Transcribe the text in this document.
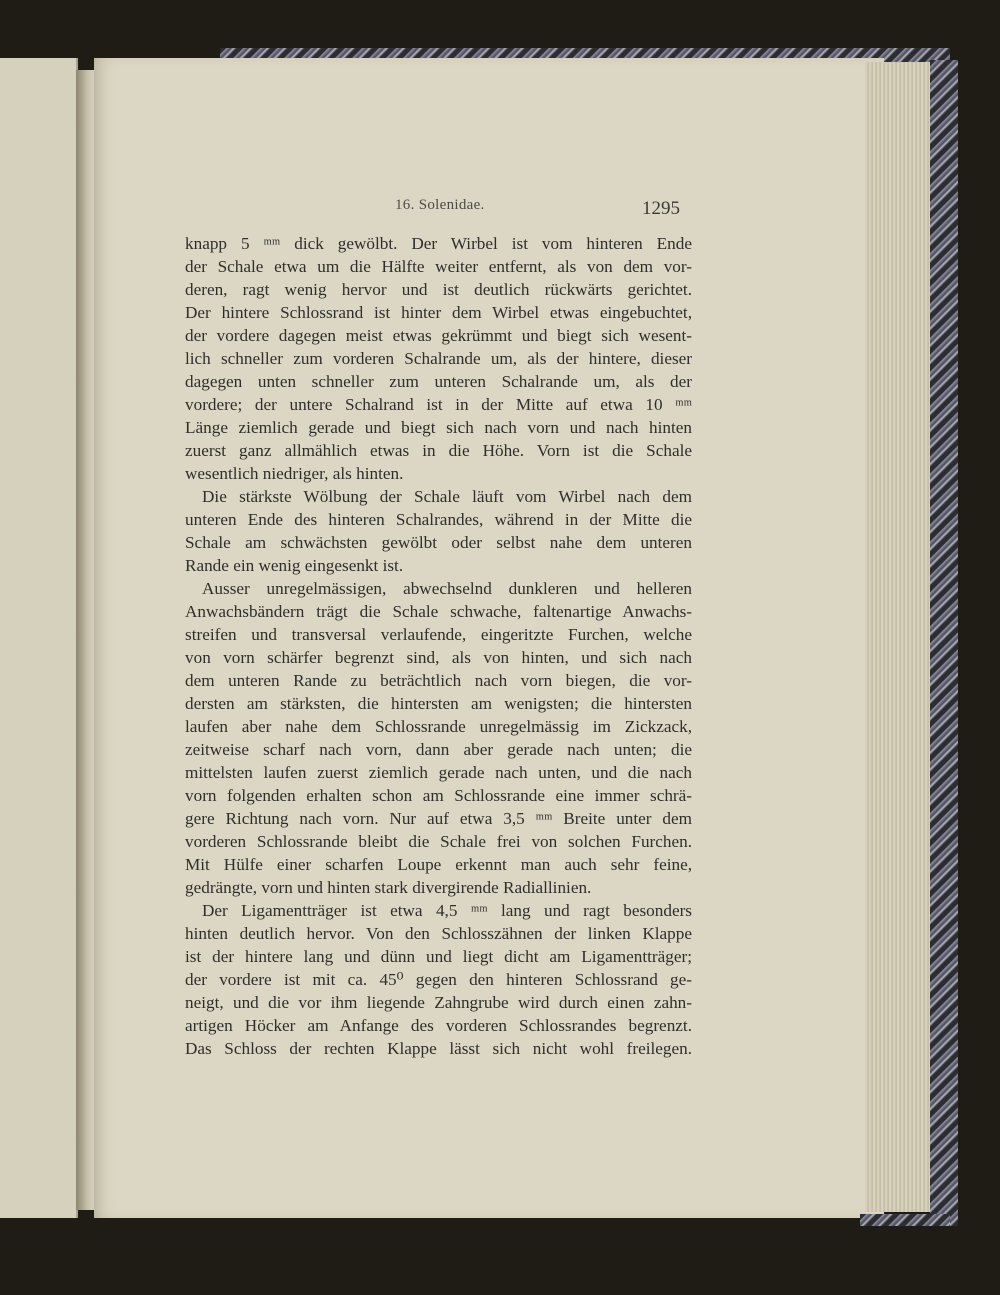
16. Solenidae.	1295
knapp 5 ᵐᵐ dick gewölbt. Der Wirbel ist vom hinteren Ende
der Schale etwa um die Hälfte weiter entfernt, als von dem vor-
deren, ragt wenig hervor und ist deutlich rückwärts gerichtet.
Der hintere Schlossrand ist hinter dem Wirbel etwas eingebuchtet,
der vordere dagegen meist etwas gekrümmt und biegt sich wesent-
lich schneller zum vorderen Schalrande um, als der hintere, dieser
dagegen unten schneller zum unteren Schalrande um, als der
vordere; der untere Schalrand ist in der Mitte auf etwa 10 ᵐᵐ
Länge ziemlich gerade und biegt sich nach vorn und nach hinten
zuerst ganz allmählich etwas in die Höhe. Vorn ist die Schale
wesentlich niedriger, als hinten.
Die stärkste Wölbung der Schale läuft vom Wirbel nach dem
unteren Ende des hinteren Schalrandes, während in der Mitte die
Schale am schwächsten gewölbt oder selbst nahe dem unteren
Rande ein wenig eingesenkt ist.
Ausser unregelmässigen, abwechselnd dunkleren und helleren
Anwachsbändern trägt die Schale schwache, faltenartige Anwachs-
streifen und transversal verlaufende, eingeritzte Furchen, welche
von vorn schärfer begrenzt sind, als von hinten, und sich nach
dem unteren Rande zu beträchtlich nach vorn biegen, die vor-
dersten am stärksten, die hintersten am wenigsten; die hintersten
laufen aber nahe dem Schlossrande unregelmässig im Zickzack,
zeitweise scharf nach vorn, dann aber gerade nach unten; die
mittelsten laufen zuerst ziemlich gerade nach unten, und die nach
vorn folgenden erhalten schon am Schlossrande eine immer schrä-
gere Richtung nach vorn. Nur auf etwa 3,5 ᵐᵐ Breite unter dem
vorderen Schlossrande bleibt die Schale frei von solchen Furchen.
Mit Hülfe einer scharfen Loupe erkennt man auch sehr feine,
gedrängte, vorn und hinten stark divergirende Radiallinien.
Der Ligamentträger ist etwa 4,5 ᵐᵐ lang und ragt besonders
hinten deutlich hervor. Von den Schlosszähnen der linken Klappe
ist der hintere lang und dünn und liegt dicht am Ligamentträger;
der vordere ist mit ca. 45⁰ gegen den hinteren Schlossrand ge-
neigt, und die vor ihm liegende Zahngrube wird durch einen zahn-
artigen Höcker am Anfange des vorderen Schlossrandes begrenzt.
Das Schloss der rechten Klappe lässt sich nicht wohl freilegen.
